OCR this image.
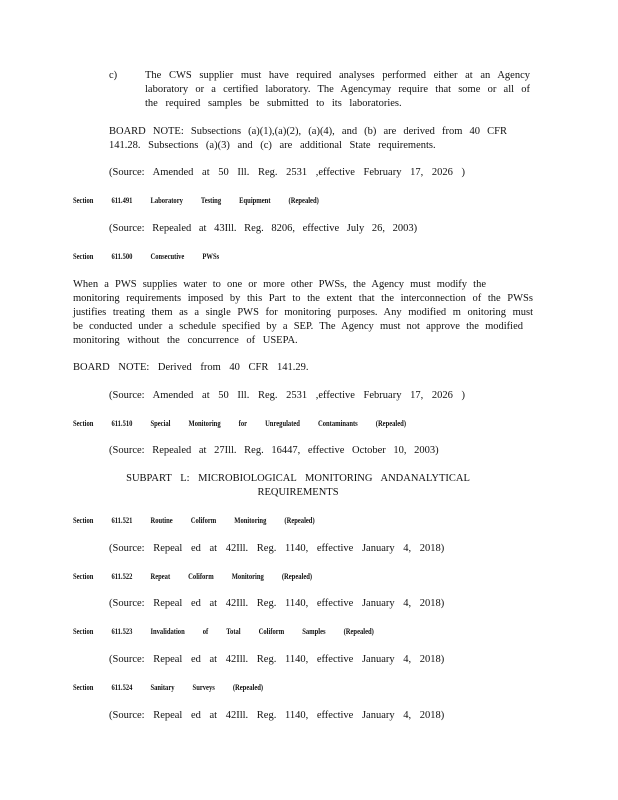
c)	The CWS supplier must have required analyses performed either at an Agency
laboratory or a certified laboratory. The Agencymay require that some or all of
the required samples be submitted to its laboratories.
BOARD NOTE: Subsections (a)(1),(a)(2), (a)(4), and (b) are derived from 40 CFR
141.28. Subsections (a)(3) and (c) are additional State requirements.
(Source: Amended at 50 Ill. Reg. 2531 ,effective February 17, 2026 )
Section 611.491 Laboratory Testing Equipment (Repealed)
(Source: Repealed at 43Ill. Reg. 8206, effective July 26, 2003)
Section 611.500 Consecutive PWSs
When a PWS supplies water to one or more other PWSs, the Agency must modify the
monitoring requirements imposed by this Part to the extent that the interconnection of the PWSs
justifies treating them as a single PWS for monitoring purposes. Any modified m onitoring must
be conducted under a schedule specified by a SEP. The Agency must not approve the modified
monitoring without the concurrence of USEPA.
BOARD NOTE: Derived from 40 CFR 141.29.
(Source: Amended at 50 Ill. Reg. 2531 ,effective February 17, 2026 )
Section 611.510 Special Monitoring for Unregulated Contaminants (Repealed)
(Source: Repealed at 27Ill. Reg. 16447, effective October 10, 2003)
SUBPART L: MICROBIOLOGICAL MONITORING ANDANALYTICAL
REQUIREMENTS
Section 611.521 Routine Coliform Monitoring (Repealed)
(Source: Repeal ed at 42Ill. Reg. 1140, effective January 4, 2018)
Section 611.522 Repeat Coliform Monitoring (Repealed)
(Source: Repeal ed at 42Ill. Reg. 1140, effective January 4, 2018)
Section 611.523 Invalidation of Total Coliform Samples (Repealed)
(Source: Repeal ed at 42Ill. Reg. 1140, effective January 4, 2018)
Section 611.524 Sanitary Surveys (Repealed)
(Source: Repeal ed at 42Ill. Reg. 1140, effective January 4, 2018)
